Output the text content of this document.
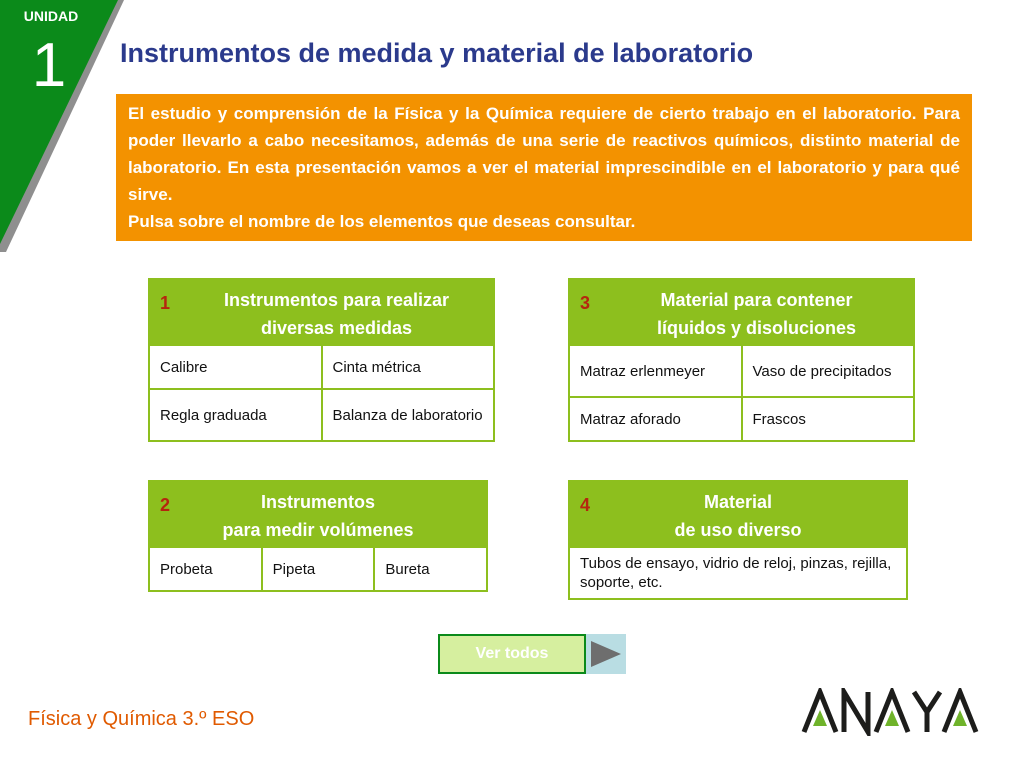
UNIDAD
1	Instrumentos de medida y material de laboratorio

El estudio y comprensión de la Física y la Química requiere de cierto trabajo en el laboratorio. Para poder llevarlo a cabo necesitamos, además de una serie de reactivos químicos, distinto material de laboratorio. En esta presentación vamos a ver el material imprescindible en el laboratorio y para qué sirve.

Pulsa sobre el nombre de los elementos que deseas consultar.

1	Instrumentos para realizar
diversas medidas
Calibre	Cinta métrica
Regla graduada	Balanza de laboratorio
3	Material para contener
líquidos y disoluciones
Matraz erlenmeyer	Vaso de precipitados
Matraz aforado	Frascos
2	Instrumentos
para medir volúmenes
Probeta	Pipeta	Bureta
4	Material
de uso diverso
Tubos de ensayo, vidrio de reloj, pinzas, rejilla, soporte, etc.
Ver todos
Física y Química 3.º ESO
